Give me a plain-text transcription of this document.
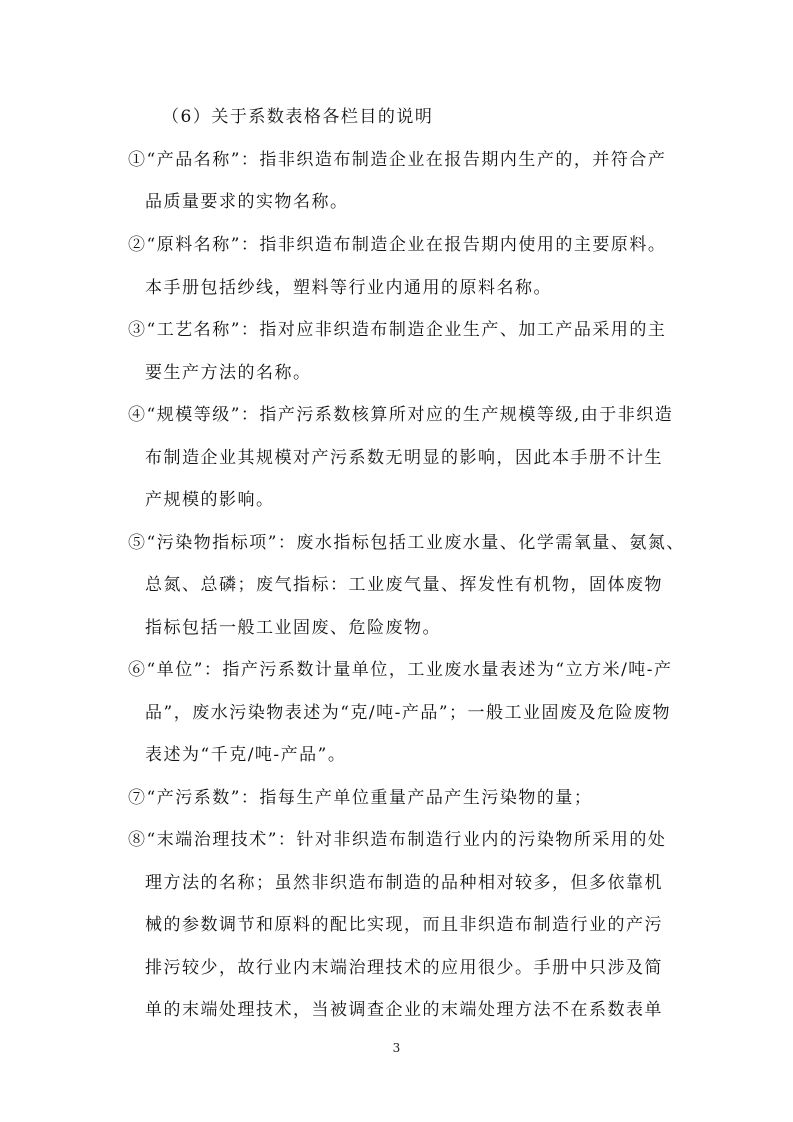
（6）关于系数表格各栏目的说明
①“产品名称”：指非织造布制造企业在报告期内生产的，并符合产
品质量要求的实物名称。
②“原料名称”：指非织造布制造企业在报告期内使用的主要原料。
本手册包括纱线，塑料等行业内通用的原料名称。
③“工艺名称”：指对应非织造布制造企业生产、加工产品采用的主
要生产方法的名称。
④“规模等级”：指产污系数核算所对应的生产规模等级,由于非织造
布制造企业其规模对产污系数无明显的影响，因此本手册不计生
产规模的影响。
⑤“污染物指标项”：废水指标包括工业废水量、化学需氧量、氨氮、
总氮、总磷；废气指标：工业废气量、挥发性有机物，固体废物
指标包括一般工业固废、危险废物。
⑥“单位”：指产污系数计量单位，工业废水量表述为“立方米/吨-产
品”，废水污染物表述为“克/吨-产品”；一般工业固废及危险废物
表述为“千克/吨-产品”。
⑦“产污系数”：指每生产单位重量产品产生污染物的量；
⑧“末端治理技术”：针对非织造布制造行业内的污染物所采用的处
理方法的名称；虽然非织造布制造的品种相对较多，但多依靠机
械的参数调节和原料的配比实现，而且非织造布制造行业的产污
排污较少，故行业内末端治理技术的应用很少。手册中只涉及简
单的末端处理技术，当被调查企业的末端处理方法不在系数表单
3
